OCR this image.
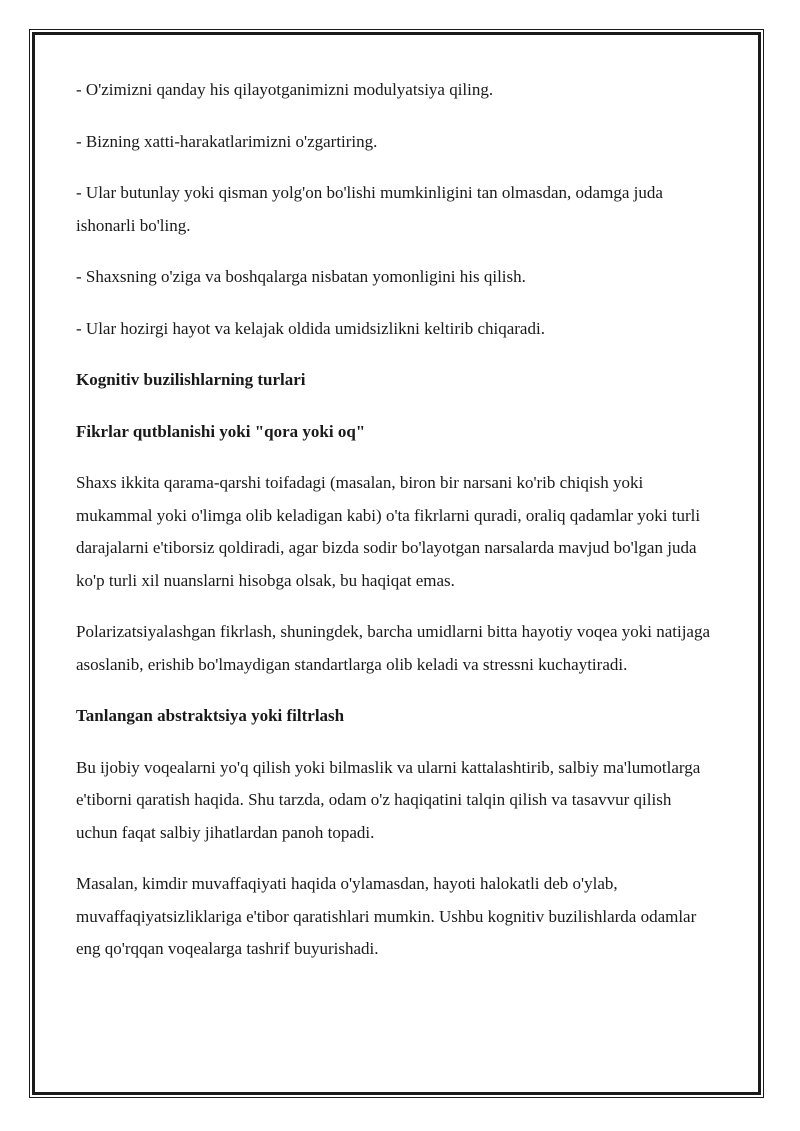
- O'zimizni qanday his qilayotganimizni modulyatsiya qiling.

- Bizning xatti-harakatlarimizni o'zgartiring.

- Ular butunlay yoki qisman yolg'on bo'lishi mumkinligini tan olmasdan, odamga juda ishonarli bo'ling.

- Shaxsning o'ziga va boshqalarga nisbatan yomonligini his qilish.

- Ular hozirgi hayot va kelajak oldida umidsizlikni keltirib chiqaradi.

Kognitiv buzilishlarning turlari

Fikrlar qutblanishi yoki "qora yoki oq"

Shaxs ikkita qarama-qarshi toifadagi (masalan, biron bir narsani ko'rib chiqish yoki mukammal yoki o'limga olib keladigan kabi) o'ta fikrlarni quradi, oraliq qadamlar yoki turli darajalarni e'tiborsiz qoldiradi, agar bizda sodir bo'layotgan narsalarda mavjud bo'lgan juda ko'p turli xil nuanslarni hisobga olsak, bu haqiqat emas.

Polarizatsiyalashgan fikrlash, shuningdek, barcha umidlarni bitta hayotiy voqea yoki natijaga asoslanib, erishib bo'lmaydigan standartlarga olib keladi va stressni kuchaytiradi.

Tanlangan abstraktsiya yoki filtrlash

Bu ijobiy voqealarni yo'q qilish yoki bilmaslik va ularni kattalashtirib, salbiy ma'lumotlarga e'tiborni qaratish haqida. Shu tarzda, odam o'z haqiqatini talqin qilish va tasavvur qilish uchun faqat salbiy jihatlardan panoh topadi.

Masalan, kimdir muvaffaqiyati haqida o'ylamasdan, hayoti halokatli deb o'ylab, muvaffaqiyatsizliklariga e'tibor qaratishlari mumkin. Ushbu kognitiv buzilishlarda odamlar eng qo'rqqan voqealarga tashrif buyurishadi.
